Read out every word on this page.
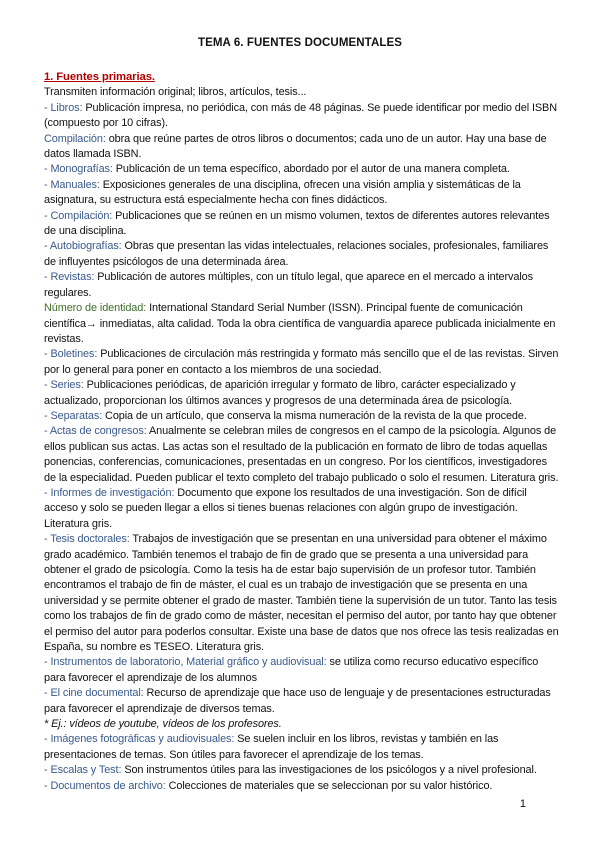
TEMA 6. FUENTES DOCUMENTALES
1. Fuentes primarias.

Transmiten información original; libros, artículos, tesis...

- Libros: Publicación impresa, no periódica, con más de 48 páginas. Se puede identificar por medio del ISBN (compuesto por 10 cifras).

Compilación: obra que reúne partes de otros libros o documentos; cada uno de un autor. Hay una base de datos llamada ISBN.

- Monografías: Publicación de un tema específico, abordado por el autor de una manera completa.

- Manuales: Exposiciones generales de una disciplina, ofrecen una visión amplia y sistemáticas de la asignatura, su estructura está especialmente hecha con fines didácticos.

- Compilación: Publicaciones que se reúnen en un mismo volumen, textos de diferentes autores relevantes de una disciplina.

- Autobiografías: Obras que presentan las vidas intelectuales, relaciones sociales, profesionales, familiares de influyentes psicólogos de una determinada área.

- Revistas: Publicación de autores múltiples, con un título legal, que aparece en el mercado a intervalos regulares.

Número de identidad: International Standard Serial Number (ISSN). Principal fuente de comunicación científica→ inmediatas, alta calidad. Toda la obra científica de vanguardia aparece publicada inicialmente en revistas.

- Boletines: Publicaciones de circulación más restringida y formato más sencillo que el de las revistas. Sirven por lo general para poner en contacto a los miembros de una sociedad.

- Series: Publicaciones periódicas, de aparición irregular y formato de libro, carácter especializado y actualizado, proporcionan los últimos avances y progresos de una determinada área de psicología.

- Separatas: Copia de un artículo, que conserva la misma numeración de la revista de la que procede.

- Actas de congresos: Anualmente se celebran miles de congresos en el campo de la psicología. Algunos de ellos publican sus actas. Las actas son el resultado de la publicación en formato de libro de todas aquellas ponencias, conferencias, comunicaciones, presentadas en un congreso. Por los científicos, investigadores de la especialidad. Pueden publicar el texto completo del trabajo publicado o solo el resumen. Literatura gris.

- Informes de investigación: Documento que expone los resultados de una investigación. Son de difícil acceso y solo se pueden llegar a ellos si tienes buenas relaciones con algún grupo de investigación. Literatura gris.

- Tesis doctorales: Trabajos de investigación que se presentan en una universidad para obtener el máximo grado académico. También tenemos el trabajo de fin de grado que se presenta a una universidad para obtener el grado de psicología. Como la tesis ha de estar bajo supervisión de un profesor tutor. También encontramos el trabajo de fin de máster, el cual es un trabajo de investigación que se presenta en una universidad y se permite obtener el grado de master. También tiene la supervisión de un tutor. Tanto las tesis como los trabajos de fin de grado como de máster, necesitan el permiso del autor, por tanto hay que obtener el permiso del autor para poderlos consultar. Existe una base de datos que nos ofrece las tesis realizadas en España, su nombre es TESEO. Literatura gris.

- Instrumentos de laboratorio, Material gráfico y audiovisual: se utiliza como recurso educativo específico para favorecer el aprendizaje de los alumnos

- El cine documental: Recurso de aprendizaje que hace uso de lenguaje y de presentaciones estructuradas para favorecer el aprendizaje de diversos temas.

* Ej.: vídeos de youtube, vídeos de los profesores.

- Imágenes fotográficas y audiovisuales: Se suelen incluir en los libros, revistas y también en las presentaciones de temas. Son útiles para favorecer el aprendizaje de los temas.

- Escalas y Test: Son instrumentos útiles para las investigaciones de los psicólogos y a nivel profesional.

- Documentos de archivo: Colecciones de materiales que se seleccionan por su valor histórico.

1
